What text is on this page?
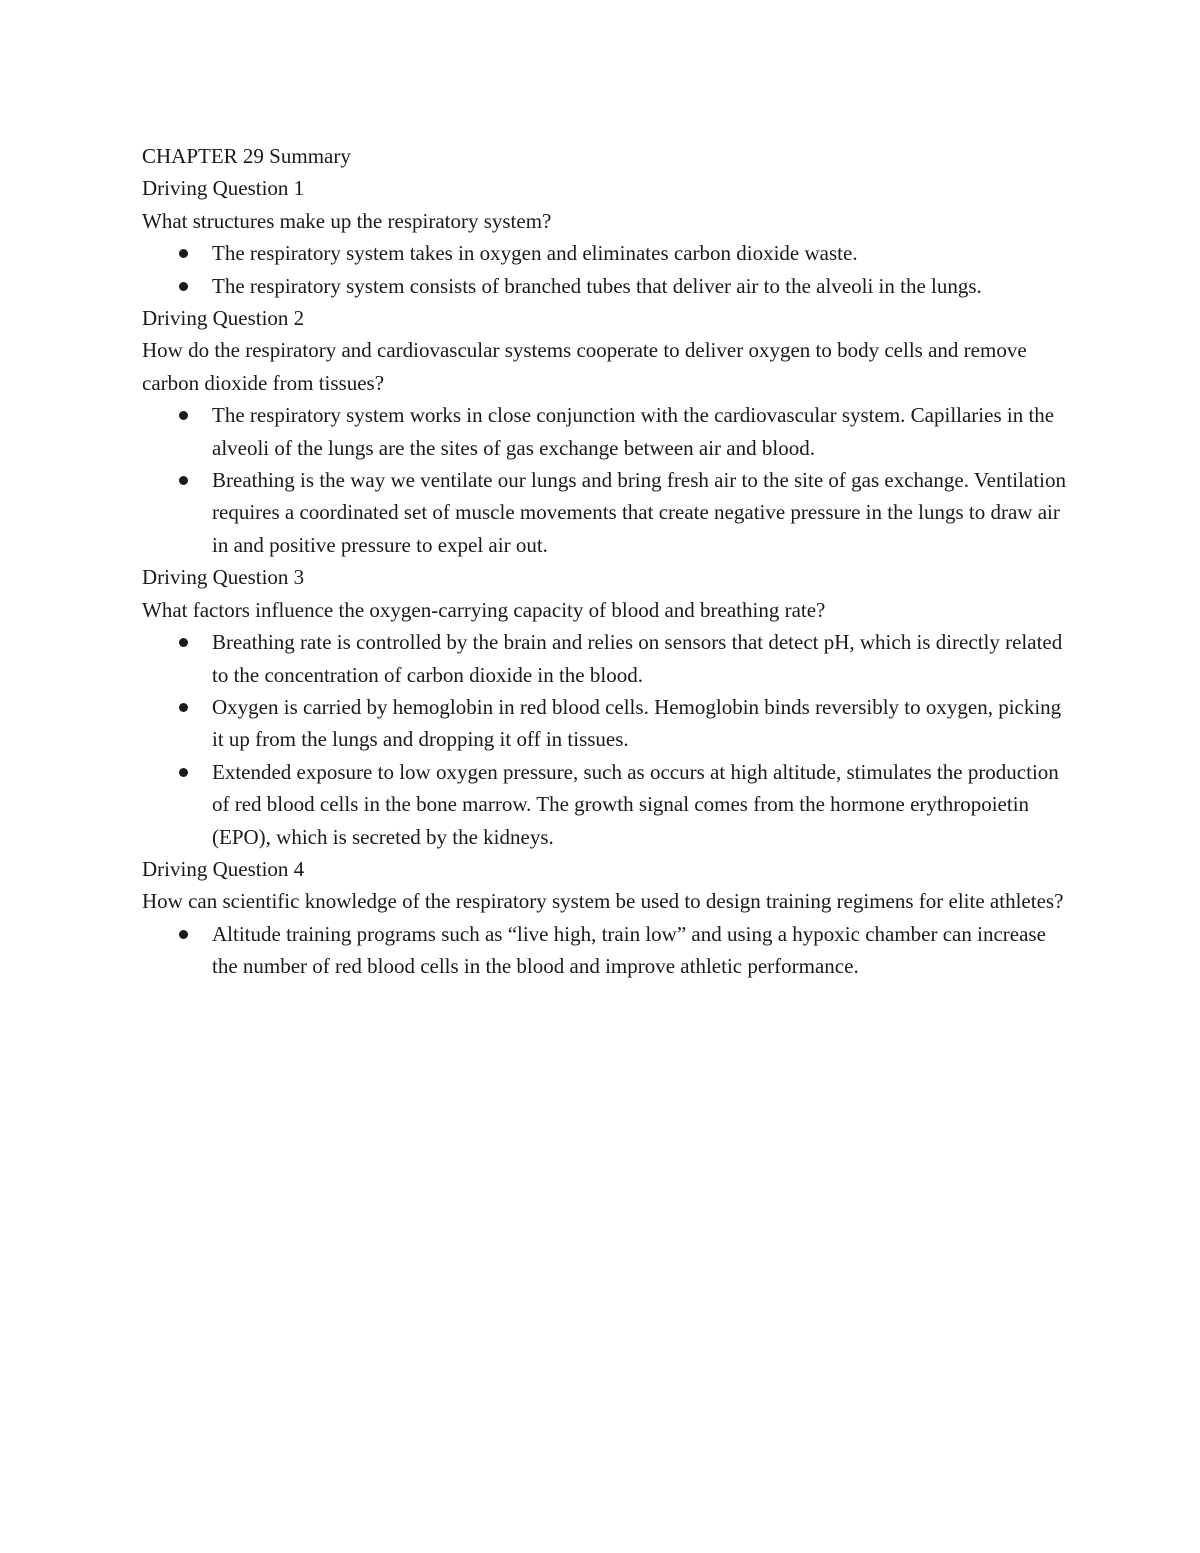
CHAPTER 29 Summary

Driving Question 1

What structures make up the respiratory system?

The respiratory system takes in oxygen and eliminates carbon dioxide waste.
The respiratory system consists of branched tubes that deliver air to the alveoli in the lungs.

Driving Question 2

How do the respiratory and cardiovascular systems cooperate to deliver oxygen to body cells and remove carbon dioxide from tissues?

The respiratory system works in close conjunction with the cardiovascular system. Capillaries in the alveoli of the lungs are the sites of gas exchange between air and blood.
Breathing is the way we ventilate our lungs and bring fresh air to the site of gas exchange. Ventilation requires a coordinated set of muscle movements that create negative pressure in the lungs to draw air in and positive pressure to expel air out.

Driving Question 3

What factors influence the oxygen-carrying capacity of blood and breathing rate?

Breathing rate is controlled by the brain and relies on sensors that detect pH, which is directly related to the concentration of carbon dioxide in the blood.
Oxygen is carried by hemoglobin in red blood cells. Hemoglobin binds reversibly to oxygen, picking it up from the lungs and dropping it off in tissues.
Extended exposure to low oxygen pressure, such as occurs at high altitude, stimulates the production of red blood cells in the bone marrow. The growth signal comes from the hormone erythropoietin (EPO), which is secreted by the kidneys.

Driving Question 4

How can scientific knowledge of the respiratory system be used to design training regimens for elite athletes?

Altitude training programs such as “live high, train low” and using a hypoxic chamber can increase the number of red blood cells in the blood and improve athletic performance.
